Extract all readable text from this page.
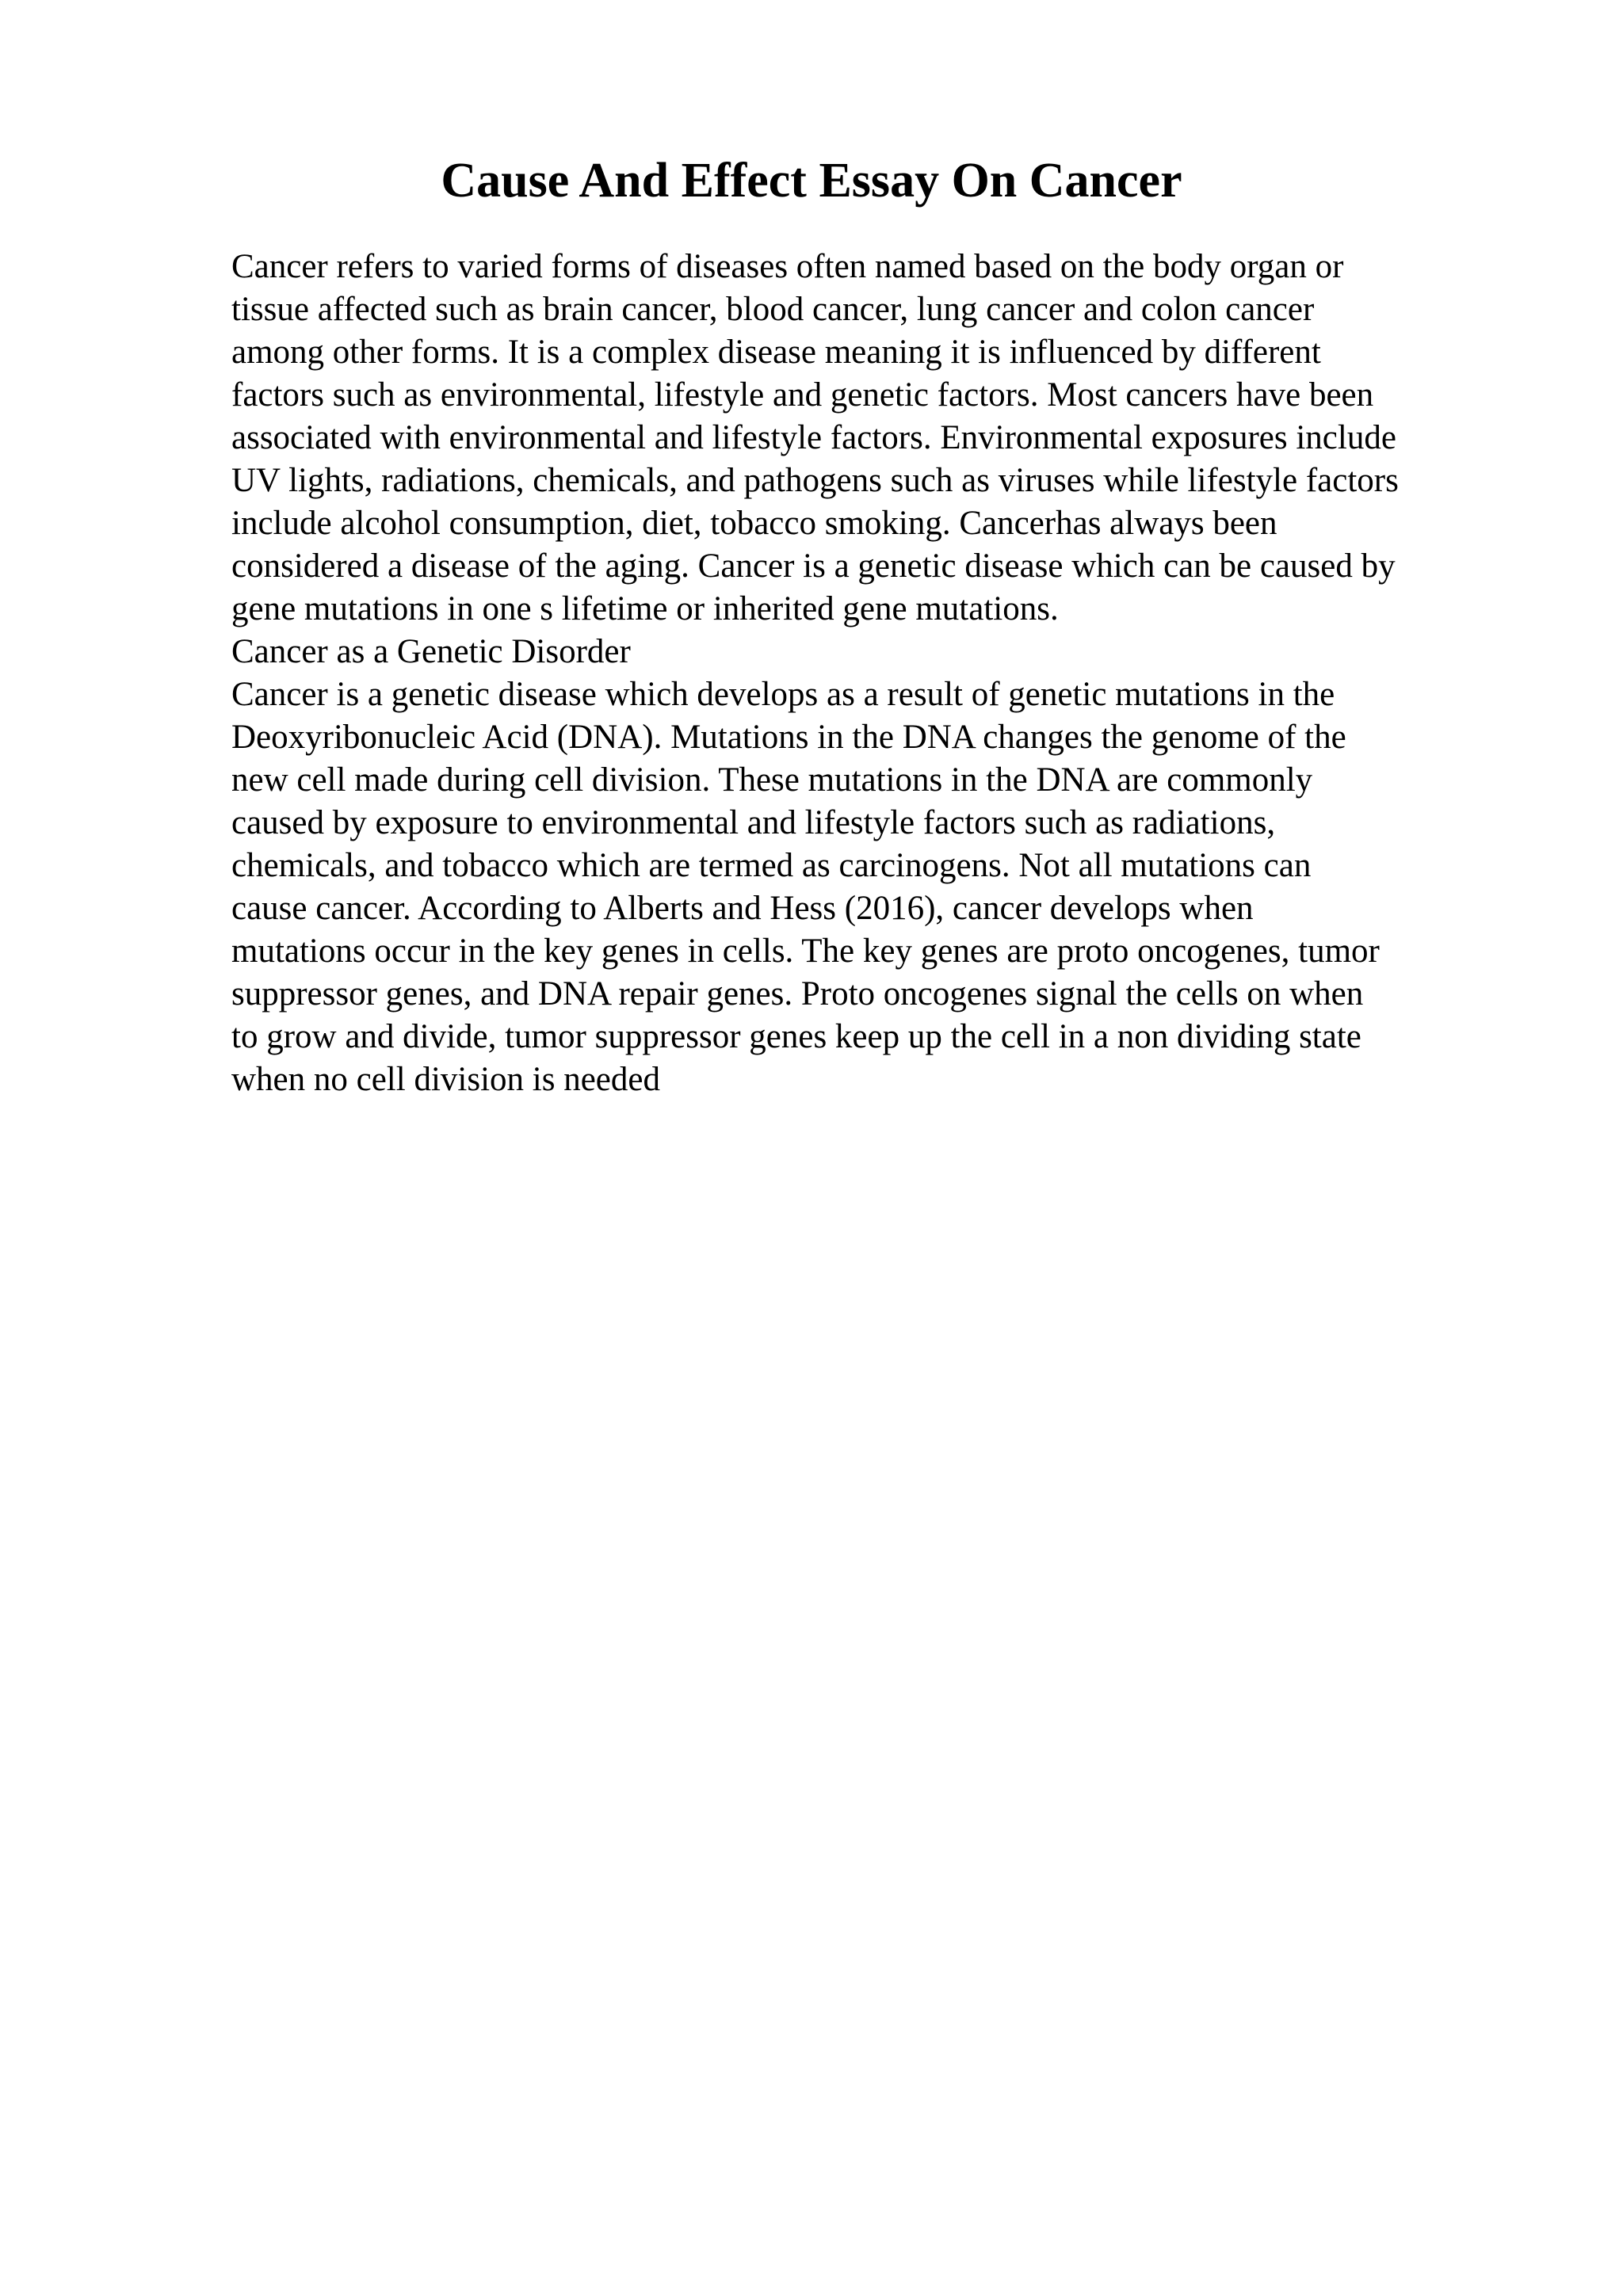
Cause And Effect Essay On Cancer
Cancer refers to varied forms of diseases often named based on the body organ or
tissue affected such as brain cancer, blood cancer, lung cancer and colon cancer
among other forms. It is a complex disease meaning it is influenced by different
factors such as environmental, lifestyle and genetic factors. Most cancers have been
associated with environmental and lifestyle factors. Environmental exposures include
UV lights, radiations, chemicals, and pathogens such as viruses while lifestyle factors
include alcohol consumption, diet, tobacco smoking. Cancerhas always been
considered a disease of the aging. Cancer is a genetic disease which can be caused by
gene mutations in one s lifetime or inherited gene mutations.
Cancer as a Genetic Disorder
Cancer is a genetic disease which develops as a result of genetic mutations in the
Deoxyribonucleic Acid (DNA). Mutations in the DNA changes the genome of the
new cell made during cell division. These mutations in the DNA are commonly
caused by exposure to environmental and lifestyle factors such as radiations,
chemicals, and tobacco which are termed as carcinogens. Not all mutations can
cause cancer. According to Alberts and Hess (2016), cancer develops when
mutations occur in the key genes in cells. The key genes are proto oncogenes, tumor
suppressor genes, and DNA repair genes. Proto oncogenes signal the cells on when
to grow and divide, tumor suppressor genes keep up the cell in a non dividing state
when no cell division is needed
